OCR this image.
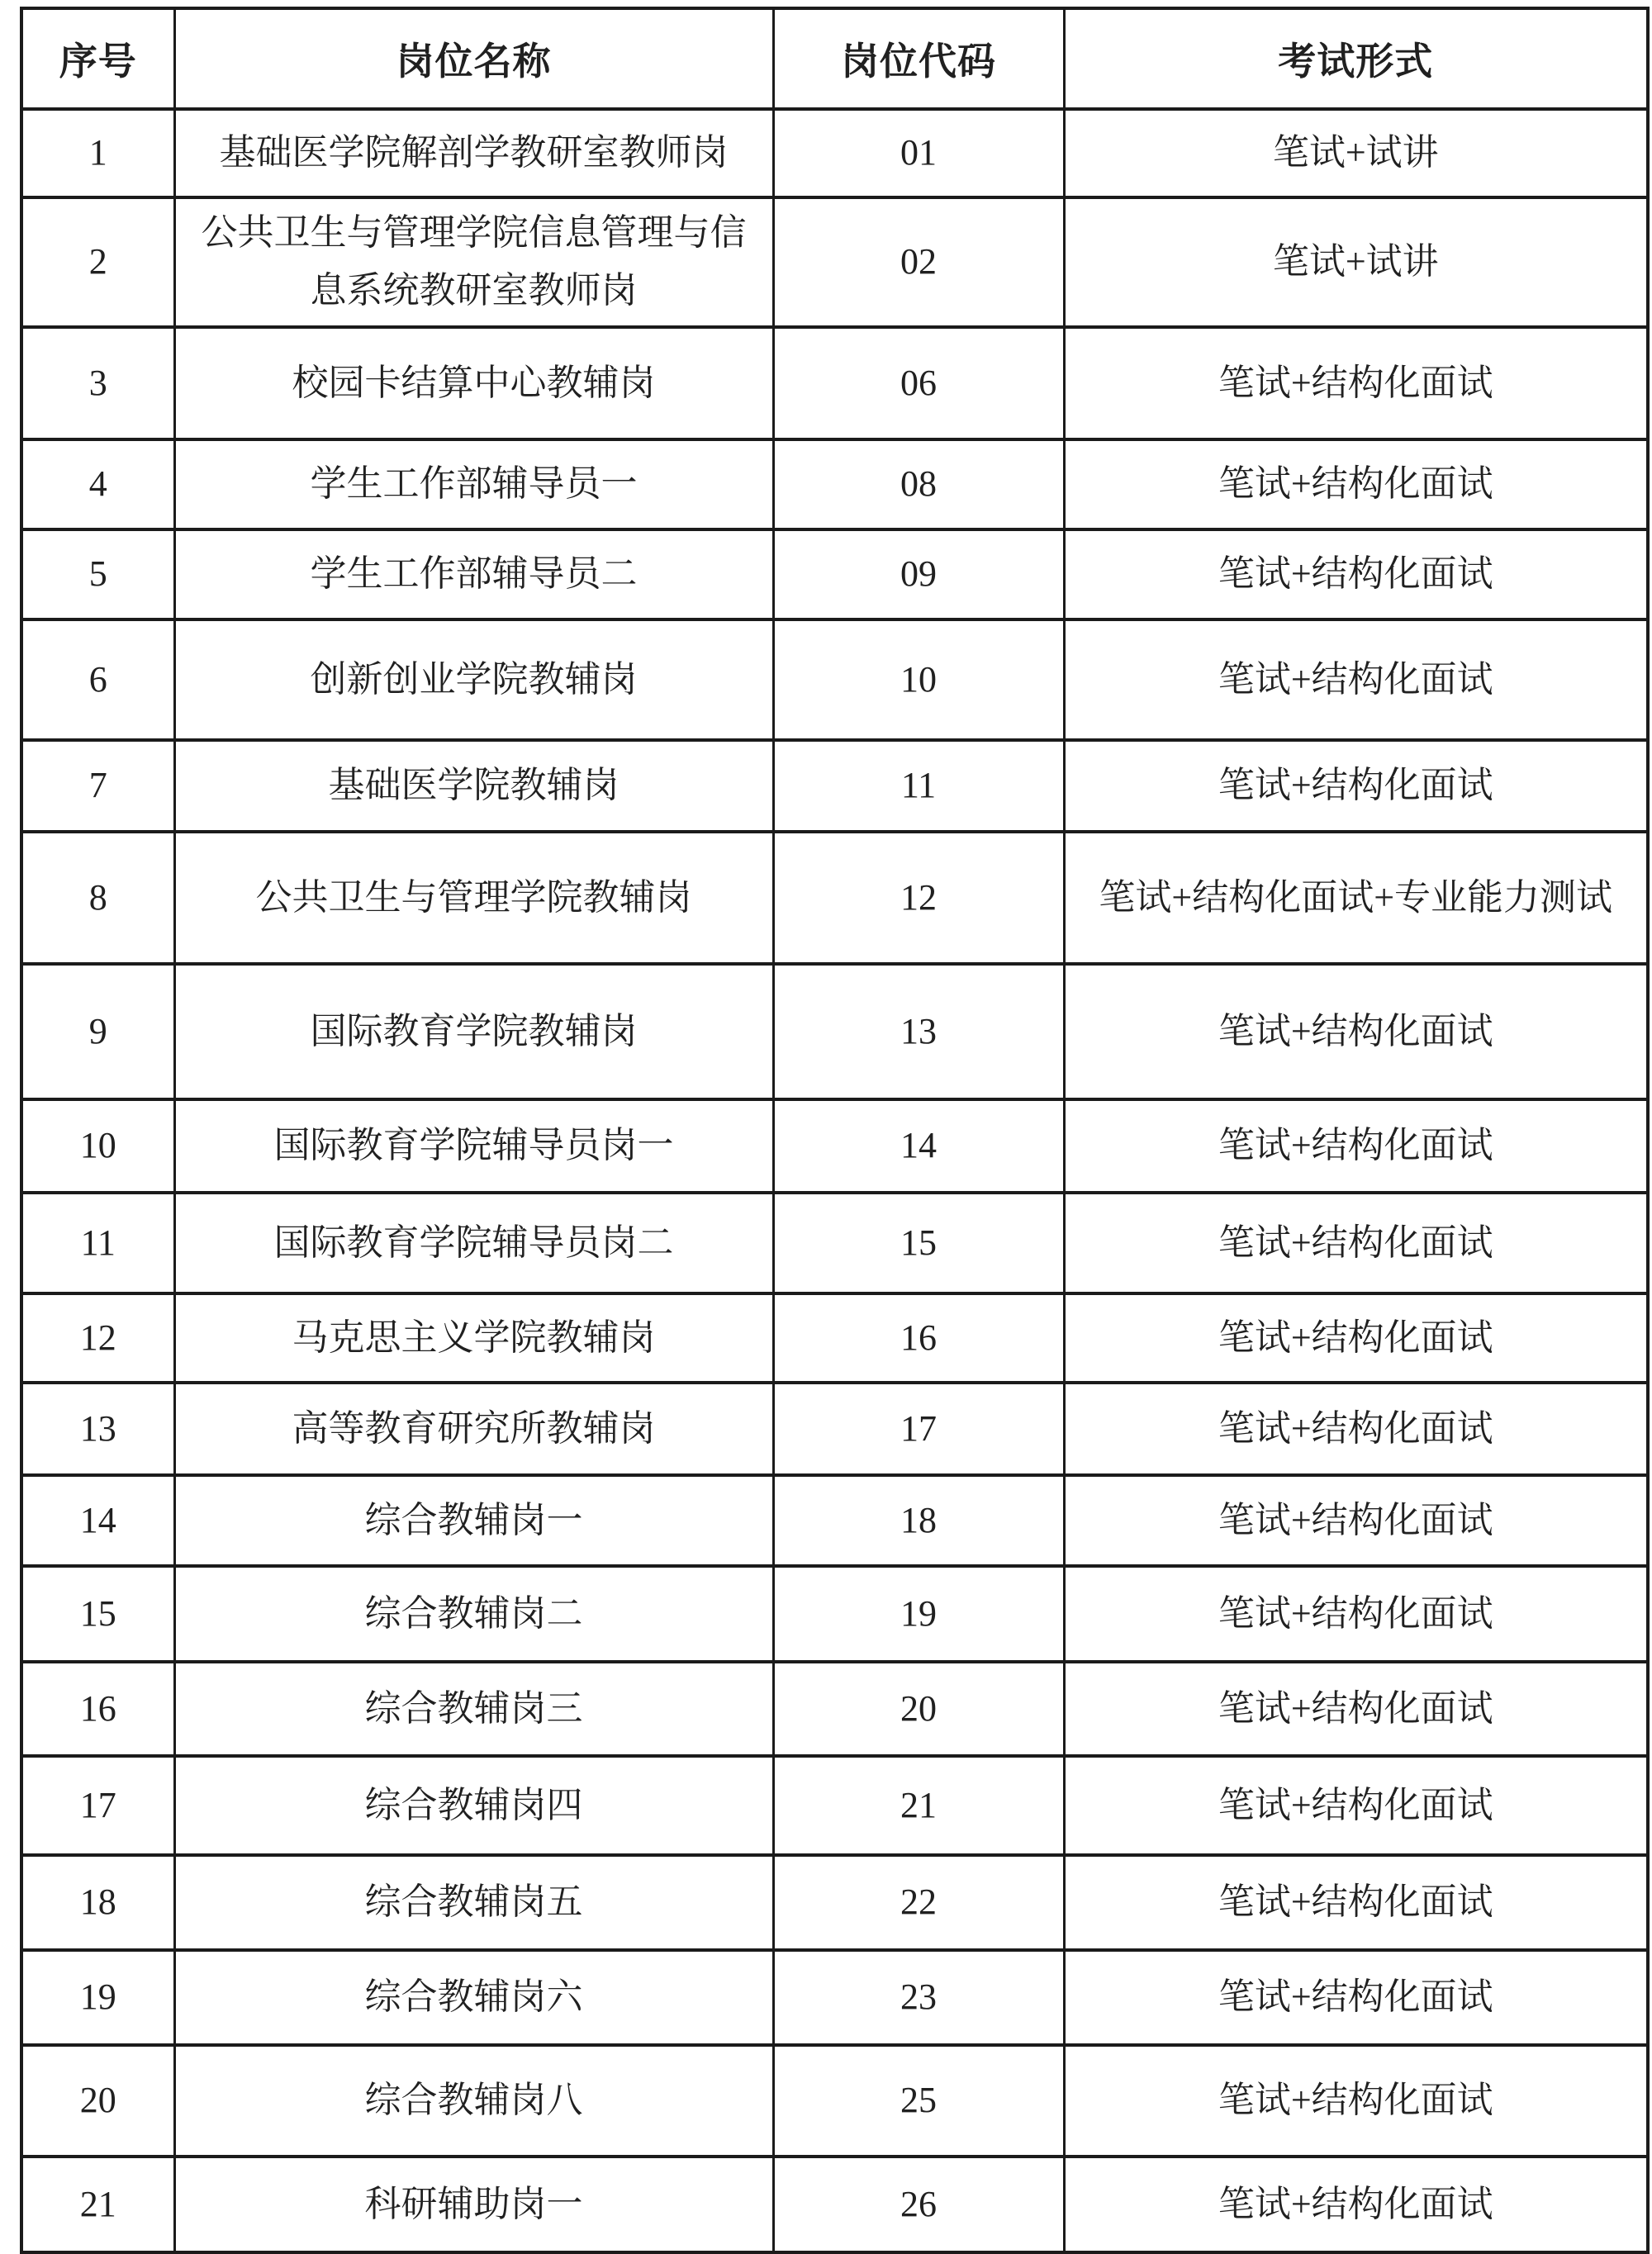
序号	岗位名称	岗位代码	考试形式
1	基础医学院解剖学教研室教师岗	01	笔试+试讲
2	公共卫生与管理学院信息管理与信息系统教研室教师岗	02	笔试+试讲
3	校园卡结算中心教辅岗	06	笔试+结构化面试
4	学生工作部辅导员一	08	笔试+结构化面试
5	学生工作部辅导员二	09	笔试+结构化面试
6	创新创业学院教辅岗	10	笔试+结构化面试
7	基础医学院教辅岗	11	笔试+结构化面试
8	公共卫生与管理学院教辅岗	12	笔试+结构化面试+专业能力测试
9	国际教育学院教辅岗	13	笔试+结构化面试
10	国际教育学院辅导员岗一	14	笔试+结构化面试
11	国际教育学院辅导员岗二	15	笔试+结构化面试
12	马克思主义学院教辅岗	16	笔试+结构化面试
13	高等教育研究所教辅岗	17	笔试+结构化面试
14	综合教辅岗一	18	笔试+结构化面试
15	综合教辅岗二	19	笔试+结构化面试
16	综合教辅岗三	20	笔试+结构化面试
17	综合教辅岗四	21	笔试+结构化面试
18	综合教辅岗五	22	笔试+结构化面试
19	综合教辅岗六	23	笔试+结构化面试
20	综合教辅岗八	25	笔试+结构化面试
21	科研辅助岗一	26	笔试+结构化面试
